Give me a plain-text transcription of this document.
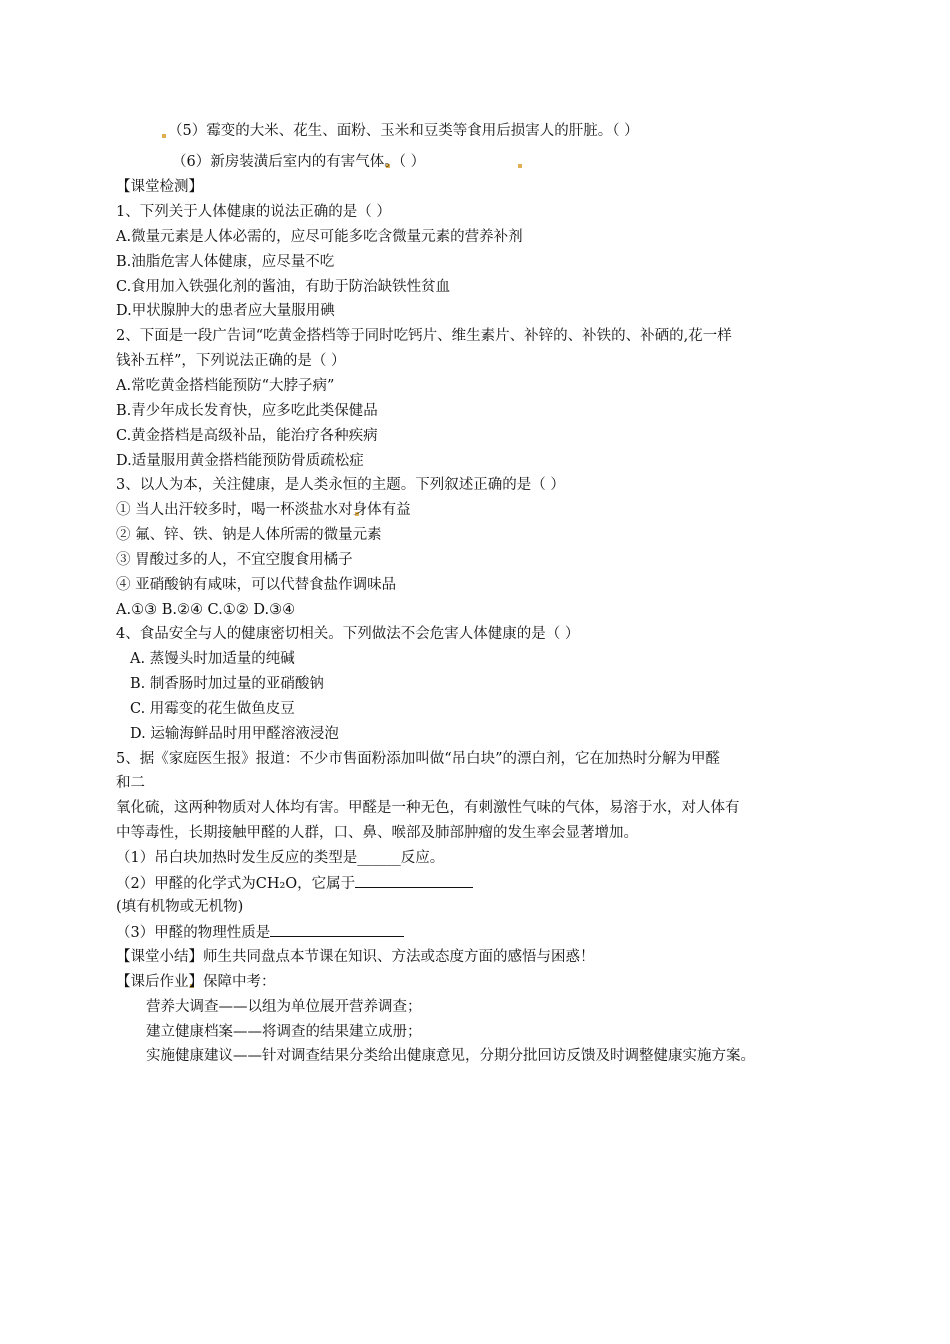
（5）霉变的大米、花生、面粉、玉米和豆类等食用后损害人的肝脏。（ ）
（6）新房装潢后室内的有害气体。（ ）
【课堂检测】
1、下列关于人体健康的说法正确的是（ ）
A.微量元素是人体必需的，应尽可能多吃含微量元素的营养补剂
B.油脂危害人体健康，应尽量不吃
C.食用加入铁强化剂的酱油，有助于防治缺铁性贫血
D.甲状腺肿大的患者应大量服用碘
2、下面是一段广告词“吃黄金搭档等于同时吃钙片、维生素片、补锌的、补铁的、补硒的,花一样
钱补五样”，下列说法正确的是（ ）
A.常吃黄金搭档能预防“大脖子病”
B.青少年成长发育快，应多吃此类保健品
C.黄金搭档是高级补品，能治疗各种疾病
D.适量服用黄金搭档能预防骨质疏松症
3、以人为本，关注健康，是人类永恒的主题。下列叙述正确的是（ ）
① 当人出汗较多时，喝一杯淡盐水对身体有益
② 氟、锌、铁、钠是人体所需的微量元素
③ 胃酸过多的人，不宜空腹食用橘子
④ 亚硝酸钠有咸味，可以代替食盐作调味品
A.①③ B.②④ C.①② D.③④
4、食品安全与人的健康密切相关。下列做法不会危害人体健康的是（ ）
A. 蒸馒头时加适量的纯碱
B. 制香肠时加过量的亚硝酸钠
C. 用霉变的花生做鱼皮豆
D. 运输海鲜品时用甲醛溶液浸泡
5、据《家庭医生报》报道：不少市售面粉添加叫做“吊白块”的漂白剂，它在加热时分解为甲醛
和二
氧化硫，这两种物质对人体均有害。甲醛是一种无色，有刺激性气味的气体，易溶于水，对人体有
中等毒性，长期接触甲醛的人群，口、鼻、喉部及肺部肿瘤的发生率会显著增加。
（1）吊白块加热时发生反应的类型是______反应。
（2）甲醛的化学式为CH₂O，它属于
(填有机物或无机物)
（3）甲醛的物理性质是
【课堂小结】师生共同盘点本节课在知识、方法或态度方面的感悟与困惑！
【课后作业】保障中考：
营养大调查——以组为单位展开营养调查；
建立健康档案——将调查的结果建立成册；
实施健康建议——针对调查结果分类给出健康意见，分期分批回访反馈及时调整健康实施方案。
